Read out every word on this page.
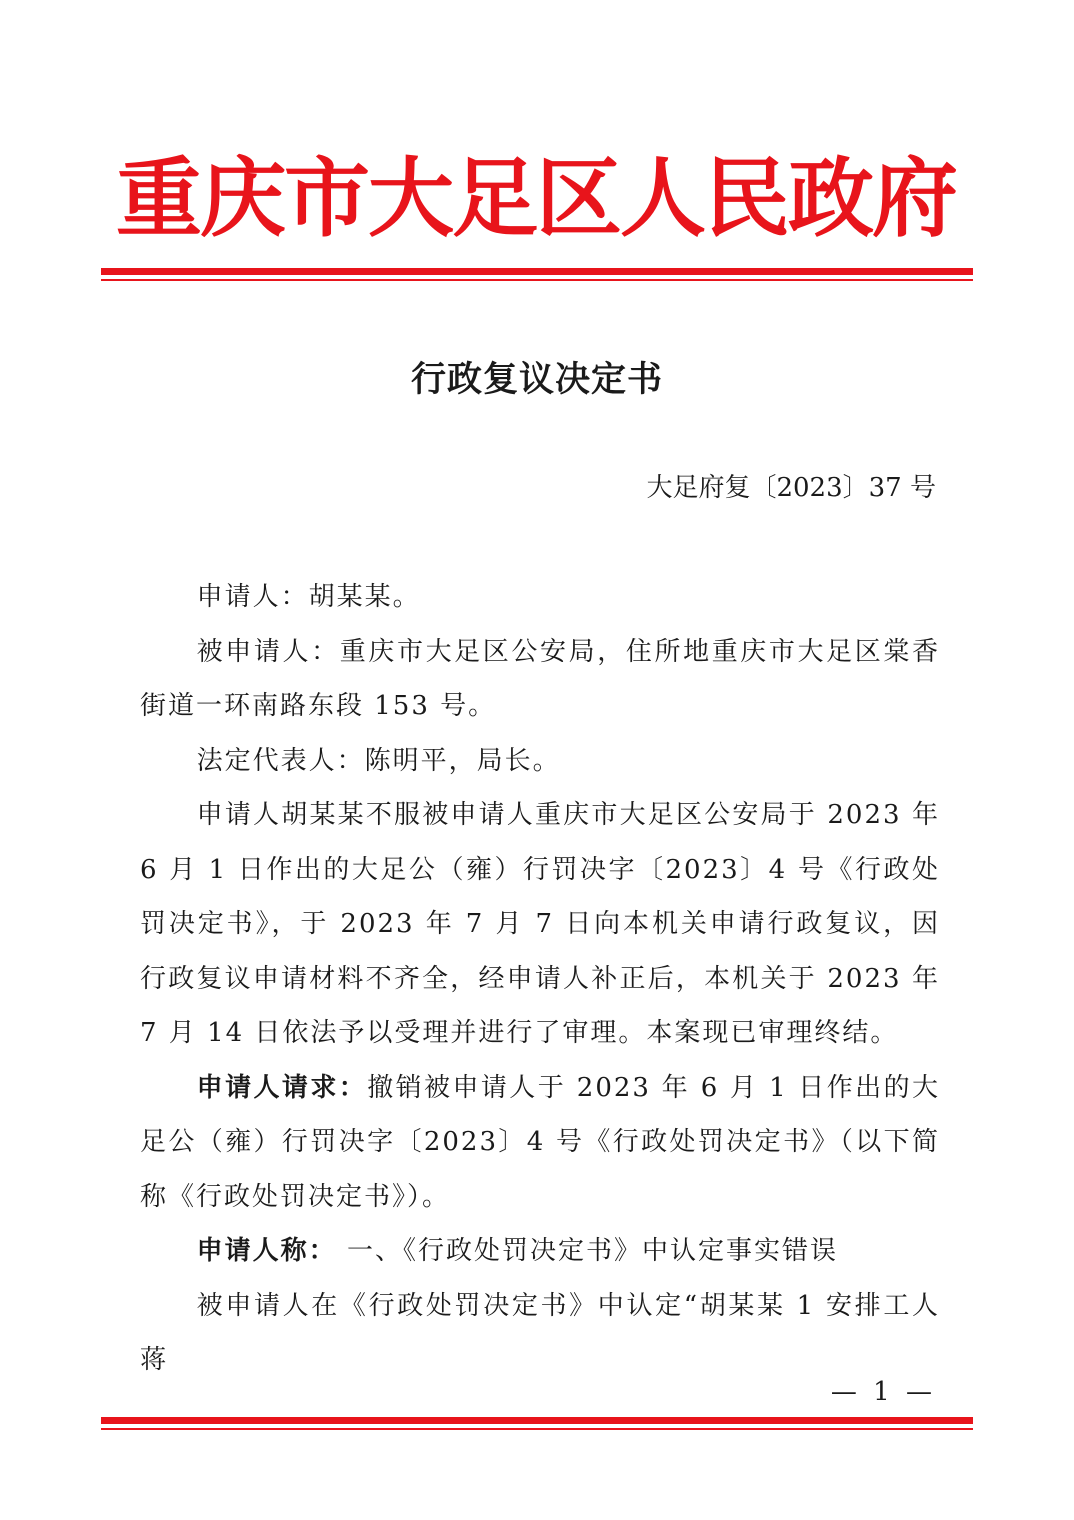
重庆市大足区人民政府
行政复议决定书
大足府复〔2023〕37 号

申请人：胡某某。

被申请人：重庆市大足区公安局，住所地重庆市大足区棠香街道一环南路东段 153 号。

法定代表人：陈明平，局长。

申请人胡某某不服被申请人重庆市大足区公安局于 2023 年 6 月 1 日作出的大足公（雍）行罚决字〔2023〕4 号《行政处罚决定书》，于 2023 年 7 月 7 日向本机关申请行政复议，因行政复议申请材料不齐全，经申请人补正后，本机关于 2023 年 7 月 14 日依法予以受理并进行了审理。本案现已审理终结。

申请人请求：撤销被申请人于 2023 年 6 月 1 日作出的大足公（雍）行罚决字〔2023〕4 号《行政处罚决定书》（以下简称《行政处罚决定书》）。

申请人称： 一、《行政处罚决定书》中认定事实错误

被申请人在《行政处罚决定书》中认定“胡某某 1 安排工人蒋

— 1 —
